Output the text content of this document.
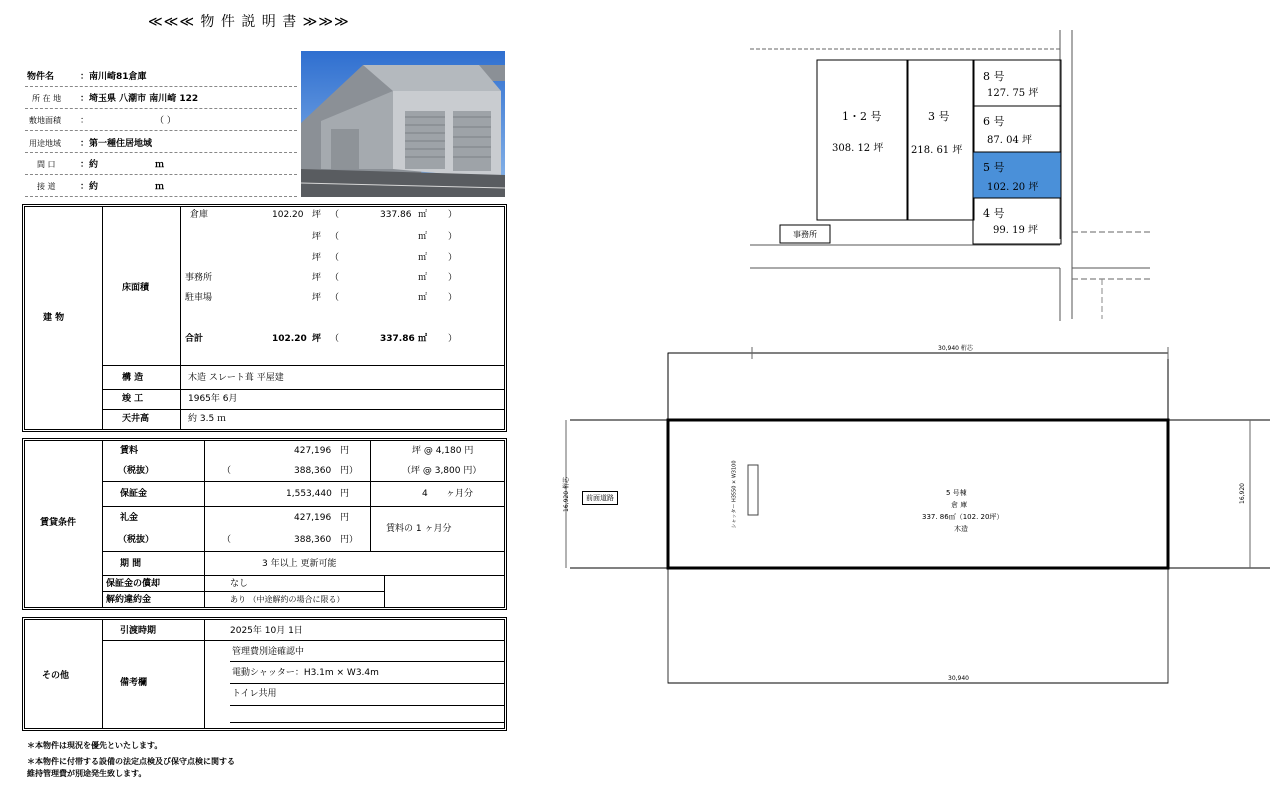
≪≪≪ 物 件 説 明 書 ≫≫≫
物件名	：南川崎81倉庫
所 在 地 ：埼玉県 八潮市 南川崎 122
敷地面積 ：	（ ）
用途地域 ：第一種住居地域
間 口	：約	ｍ
接 道	：約	ｍ
建 物
床面積
倉庫	102.20 坪 （	337.86 ㎡ ）
坪 （	㎡ ）
坪 （	㎡ ）
事務所	坪 （	㎡ ）
駐車場	坪 （	㎡ ）
合計	102.20 坪 （	337.86 ㎡ ）
構 造	木造 スレート葺 平屋建
竣 工	1965年 6月
天井高	約 3.5 ｍ
賃貸条件
賃料	427,196 円	坪 @ 4,180 円
（税抜）	（	388,360 円）	（坪 @ 3,800 円）
保証金	1,553,440 円	4 ヶ月分
礼金	427,196 円
（税抜）	（	388,360 円）
賃料の 1 ヶ月分
期 間	3 年以上 更新可能
保証金の償却	なし
解約違約金	あり （中途解約の場合に限る）
その他
引渡時期	2025年 10月 1日
備考欄
管理費別途確認中
電動シャッター：H3.1m × W3.4m
トイレ共用
＊本物件は現況を優先といたします。
＊本物件に付帯する設備の法定点検及び保守点検に関する
維持管理費が別途発生致します。
1・2 号
308. 12 坪
3 号
218. 61 坪
8 号
127. 75 坪
6 号
87. 04 坪
5 号
102. 20 坪
4 号
99. 19 坪
事務所
30,940 桁芯
30,940
16,920 桁芯	16,920
前面道路	シャッター H3550 × W3100	5 号棟
倉 庫
337. 86㎡（102. 20坪）
木造
